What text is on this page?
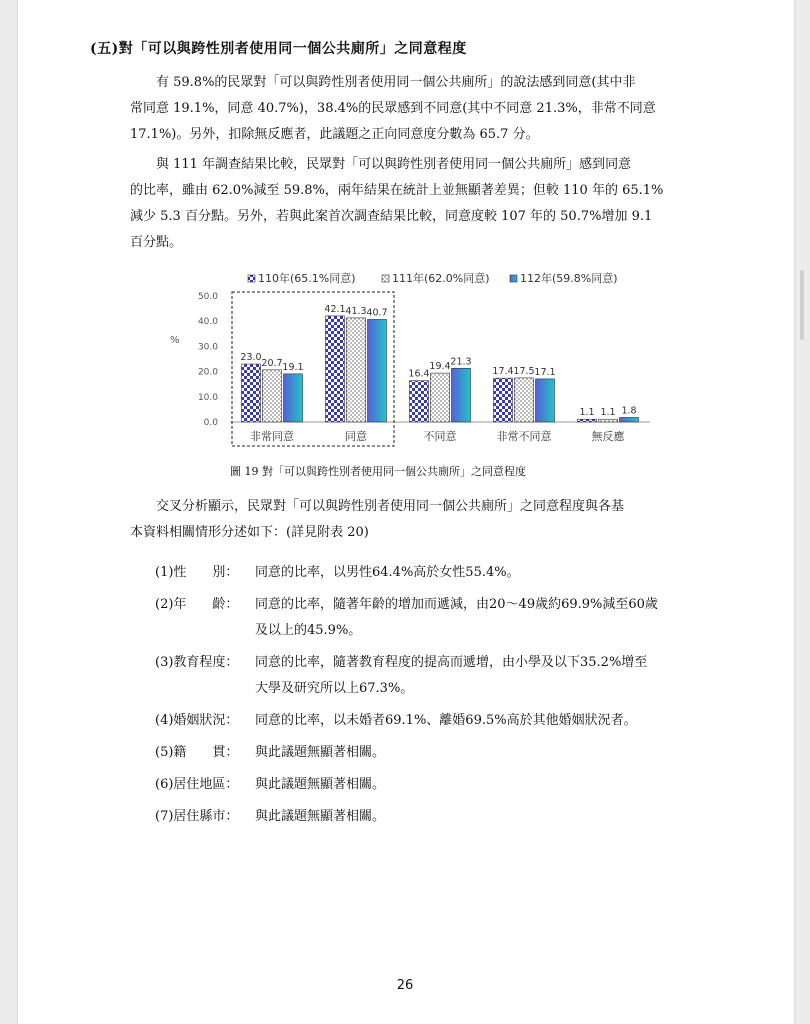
(五)對「可以與跨性別者使用同一個公共廁所」之同意程度
有 59.8%的民眾對「可以與跨性別者使用同一個公共廁所」的說法感到同意(其中非
常同意 19.1%，同意 40.7%)，38.4%的民眾感到不同意(其中不同意 21.3%，非常不同意
17.1%)。另外，扣除無反應者，此議題之正向同意度分數為 65.7 分。
與 111 年調查結果比較，民眾對「可以與跨性別者使用同一個公共廁所」感到同意
的比率，雖由 62.0%減至 59.8%，兩年結果在統計上並無顯著差異；但較 110 年的 65.1%
減少 5.3 百分點。另外，若與此案首次調查結果比較，同意度較 107 年的 50.7%增加 9.1
百分點。
110年(65.1%同意)	111年(62.0%同意)	112年(59.8%同意)
0.0
10.0
20.0
30.0
40.0
50.0
%
23.0
20.7 19.1
非常同意
42.1 41.3 40.7
同意
16.4
19.4 21.3
不同意
17.4 17.5 17.1
非常不同意
1.1 1.1 1.8
無反應
圖 19 對「可以與跨性別者使用同一個公共廁所」之同意程度
交叉分析顯示，民眾對「可以與跨性別者使用同一個公共廁所」之同意程度與各基
本資料相關情形分述如下：(詳見附表 20)
(1)性　　別： 同意的比率，以男性64.4%高於女性55.4%。
(2)年　　齡： 同意的比率，隨著年齡的增加而遞減，由20～49歲約69.9%減至60歲
及以上的45.9%。
(3)教育程度： 同意的比率，隨著教育程度的提高而遞增，由小學及以下35.2%增至
大學及研究所以上67.3%。
(4)婚姻狀況： 同意的比率，以未婚者69.1%、離婚69.5%高於其他婚姻狀況者。
(5)籍　　貫： 與此議題無顯著相關。
(6)居住地區： 與此議題無顯著相關。
(7)居住縣市： 與此議題無顯著相關。
26
